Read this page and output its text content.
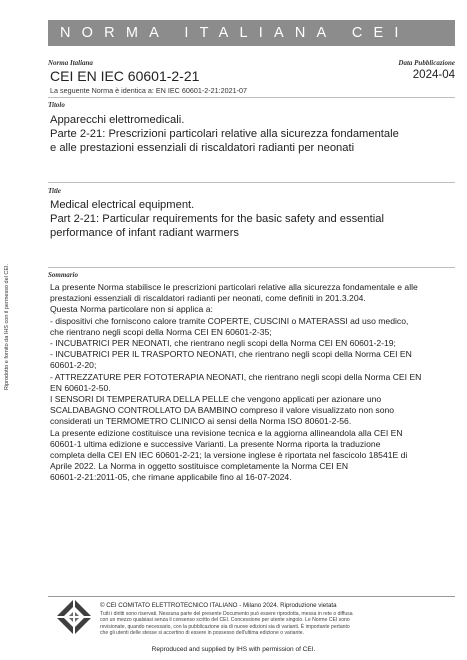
NORMA ITALIANA CEI
Riprodotto e fornito da IHS con il permesso del CEI.
Norma Italiana	Data Pubblicazione
CEI EN IEC 60601-2-21	2024-04
La seguente Norma è identica a: EN IEC 60601-2-21:2021-07
Titolo
Apparecchi elettromedicali.
Parte 2-21: Prescrizioni particolari relative alla sicurezza fondamentale
e alle prestazioni essenziali di riscaldatori radianti per neonati
Title
Medical electrical equipment.
Part 2-21: Particular requirements for the basic safety and essential
performance of infant radiant warmers
Sommario

La presente Norma stabilisce le prescrizioni particolari relative alla sicurezza fondamentale e alle

prestazioni essenziali di riscaldatori radianti per neonati, come definiti in 201.3.204.

Questa Norma particolare non si applica a:

- dispositivi che forniscono calore tramite COPERTE, CUSCINI o MATERASSI ad uso medico,

che rientrano negli scopi della Norma CEI EN 60601-2-35;

- INCUBATRICI PER NEONATI, che rientrano negli scopi della Norma CEI EN 60601-2-19;

- INCUBATRICI PER IL TRASPORTO NEONATI, che rientrano negli scopi della Norma CEI EN

60601-2-20;

- ATTREZZATURE PER FOTOTERAPIA NEONATI, che rientrano negli scopi della Norma CEI EN

EN 60601-2-50.

I SENSORI DI TEMPERATURA DELLA PELLE che vengono applicati per azionare uno

SCALDABAGNO CONTROLLATO DA BAMBINO compreso il valore visualizzato non sono

considerati un TERMOMETRO CLINICO ai sensi della Norma ISO 80601-2-56.

La presente edizione costituisce una revisione tecnica e la aggiorna allineandola alla CEI EN

60601-1 ultima edizione e successive Varianti. La presente Norma riporta la traduzione

completa della CEI EN IEC 60601-2-21; la versione inglese è riportata nel fascicolo 18541E di

Aprile 2022. La Norma in oggetto sostituisce completamente la Norma CEI EN

60601-2-21:2011-05, che rimane applicabile fino al 16-07-2024.

© CEI COMITATO ELETTROTECNICO ITALIANO - Milano 2024. Riproduzione vietata
Tutti i diritti sono riservati. Nessuna parte del presente Documento può essere riprodotta, messa in rete o diffusa
con un mezzo qualsiasi senza il consenso scritto del CEI. Concessione per utente singolo. Le Norme CEI sono
revisionate, quando necessario, con la pubblicazione sia di nuove edizioni sia di varianti. È importante pertanto
che gli utenti delle stesse si accertino di essere in possesso dell'ultima edizione o variante.
Reproduced and supplied by IHS with permission of CEI.
